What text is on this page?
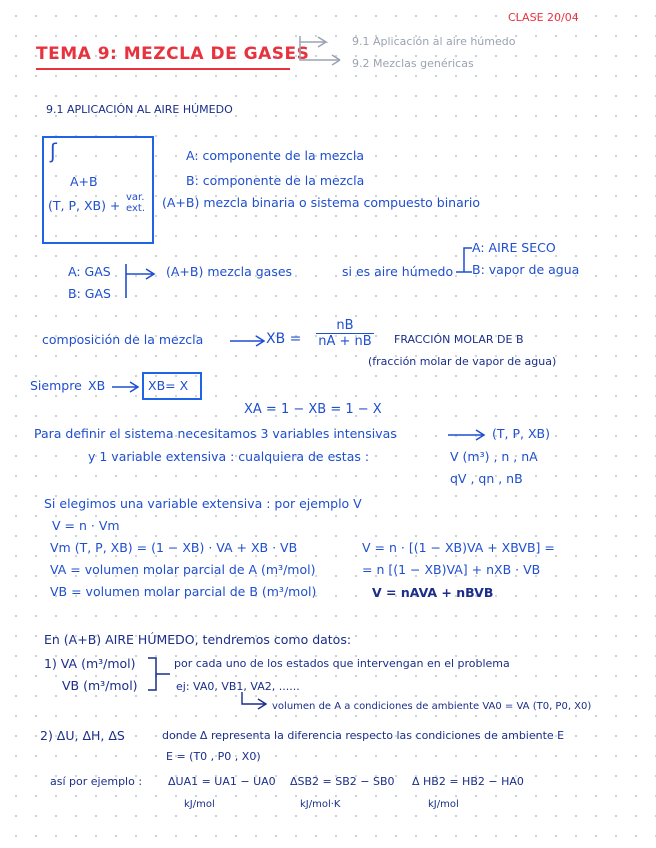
CLASE 20/04
TEMA 9: MEZCLA DE GASES
9.1 Aplicación al aire húmedo
9.2 Mezclas genéricas
9.1 APLICACIÓN AL AIRE HÚMEDO
ʃ
A+B
(T, P, XB) +
var.
ext.
A: componente de la mezcla
B: componente de la mezcla
(A+B) mezcla binaria o sistema compuesto binario
A: GAS
B: GAS
(A+B) mezcla gases	si es aire húmedo
A: AIRE SECO
B: vapor de agua
composición de la mezcla	XB = $\frac{nB}{nA + nB}$ FRACCIÓN MOLAR DE B
(fracción molar de vapor de agua)
Siempre XB	XB= X
XA = 1 − XB = 1 − X
Para definir el sistema necesitamos 3 variables intensivas	(T, P, XB)
y 1 variable extensiva : cualquiera de estas :	V (m³) , n , nA
qV , qn , nB
Si elegimos una variable extensiva : por ejemplo V
V = n · Vm
Vm (T, P, XB) = (1 − XB) · VA + XB · VB
VA = volumen molar parcial de A (m³/mol)
VB = volumen molar parcial de B (m³/mol)
V = n · [(1 − XB)VA + XBVB] =
= n [(1 − XB)VA] + nXB · VB
V = nAVA + nBVB
En (A+B) AIRE HÚMEDO, tendremos como datos:
1) VA (m³/mol)
VB (m³/mol)
por cada uno de los estados que intervengan en el problema
ej: VA0, VB1, VA2, ......
volumen de A a condiciones de ambiente VA0 = VA (T0, P0, X0)
2) ΔU, ΔH, ΔS	donde Δ representa la diferencia respecto las condiciones de ambiente E
E = (T0 , P0 , X0)
así por ejemplo : ΔUA1 = UA1 − UA0
kJ/mol
ΔSB2 = SB2 − SB0
kJ/mol·K
Δ HB2 = HB2 − HA0
kJ/mol
